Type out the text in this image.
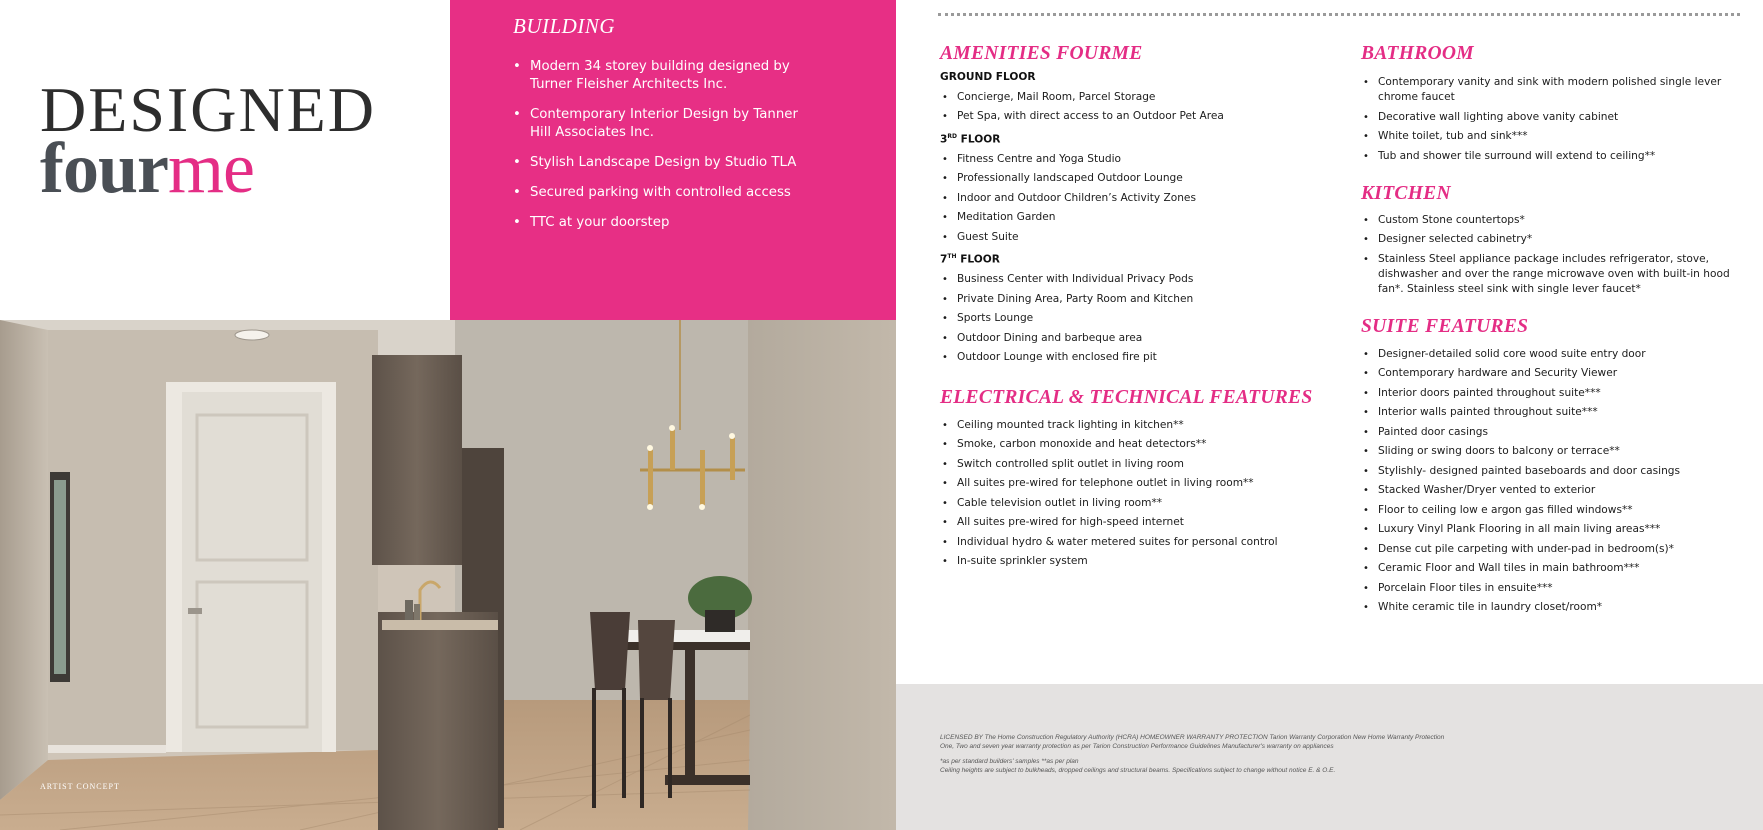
DESIGNED
fourme
BUILDING
• Modern 34 storey building designed by Turner Fleisher Architects Inc.
• Contemporary Interior Design by Tanner Hill Associates Inc.
• Stylish Landscape Design by Studio TLA
• Secured parking with controlled access
• TTC at your doorstep
ARTIST CONCEPT
AMENITIES FOURME
GROUND FLOOR
• Concierge, Mail Room, Parcel Storage
• Pet Spa, with direct access to an Outdoor Pet Area
3RD FLOOR
• Fitness Centre and Yoga Studio
• Professionally landscaped Outdoor Lounge
• Indoor and Outdoor Children’s Activity Zones
• Meditation Garden
• Guest Suite
7TH FLOOR
• Business Center with Individual Privacy Pods
• Private Dining Area, Party Room and Kitchen
• Sports Lounge
• Outdoor Dining and barbeque area
• Outdoor Lounge with enclosed fire pit
ELECTRICAL & TECHNICAL FEATURES
• Ceiling mounted track lighting in kitchen**
• Smoke, carbon monoxide and heat detectors**
• Switch controlled split outlet in living room
• All suites pre-wired for telephone outlet in living room**
• Cable television outlet in living room**
• All suites pre-wired for high-speed internet
• Individual hydro & water metered suites for personal control
• In-suite sprinkler system
BATHROOM
• Contemporary vanity and sink with modern polished single lever chrome faucet
• Decorative wall lighting above vanity cabinet
• White toilet, tub and sink***
• Tub and shower tile surround will extend to ceiling**
KITCHEN
• Custom Stone countertops*
• Designer selected cabinetry*
• Stainless Steel appliance package includes refrigerator, stove, dishwasher and over the range microwave oven with built-in hood fan*. Stainless steel sink with single lever faucet*
SUITE FEATURES
• Designer-detailed solid core wood suite entry door
• Contemporary hardware and Security Viewer
• Interior doors painted throughout suite***
• Interior walls painted throughout suite***
• Painted door casings
• Sliding or swing doors to balcony or terrace**
• Stylishly- designed painted baseboards and door casings
• Stacked Washer/Dryer vented to exterior
• Floor to ceiling low e argon gas filled windows**
• Luxury Vinyl Plank Flooring in all main living areas***
• Dense cut pile carpeting with under-pad in bedroom(s)*
• Ceramic Floor and Wall tiles in main bathroom***
• Porcelain Floor tiles in ensuite***
• White ceramic tile in laundry closet/room*
LICENSED BY The Home Construction Regulatory Authority (HCRA) HOMEOWNER WARRANTY PROTECTION Tarion Warranty Corporation New Home Warranty Protection
One, Two and seven year warranty protection as per Tarion Construction Performance Guidelines Manufacturer's warranty on appliances
*as per standard builders' samples **as per plan
Ceiling heights are subject to bulkheads, dropped ceilings and structural beams. Specifications subject to change without notice E. & O.E.
